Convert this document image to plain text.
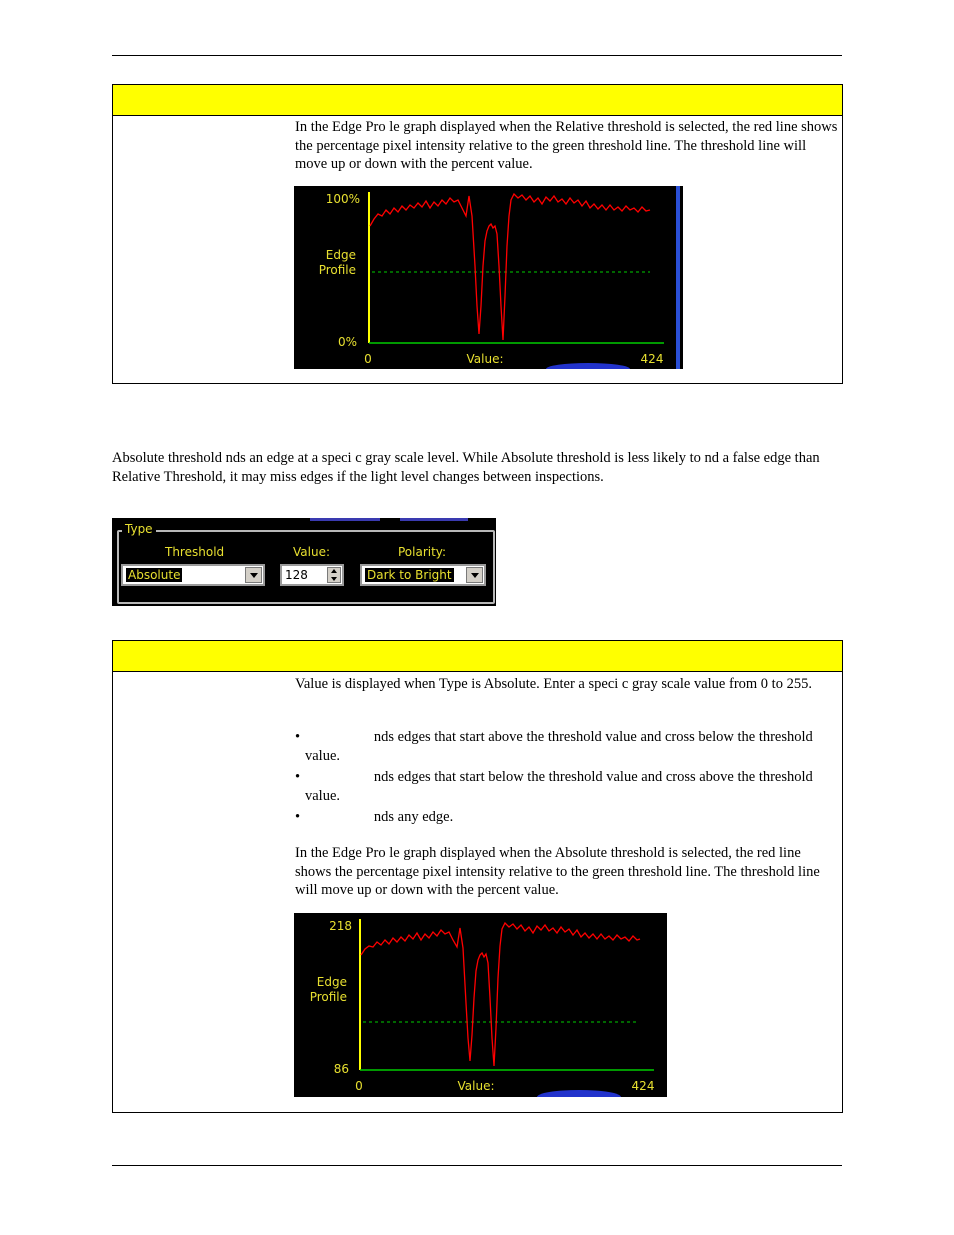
In the Edge Pro le graph displayed when the Relative threshold is selected, the red line shows the percentage pixel intensity relative to the green threshold line. The threshold line will move up or down with the percent value.
100%
Edge
Profile
0%
0	Value:	424
Absolute threshold nds an edge at a speci c gray scale level. While Absolute threshold is less likely to nd a false edge than Relative Threshold, it may miss edges if the light level changes between inspections.
Type
Threshold	Value:	Polarity:
Absolute	128	Dark to Bright
Value is displayed when Type is Absolute. Enter a speci c gray scale value from 0 to 255.
• nds edges that start above the threshold value and cross below the threshold value.
• nds edges that start below the threshold value and cross above the threshold value.
• nds any edge.
In the Edge Pro le graph displayed when the Absolute threshold is selected, the red line shows the percentage pixel intensity relative to the green threshold line. The threshold line will move up or down with the percent value.
218
Edge
Profile
86
0	Value:	424
